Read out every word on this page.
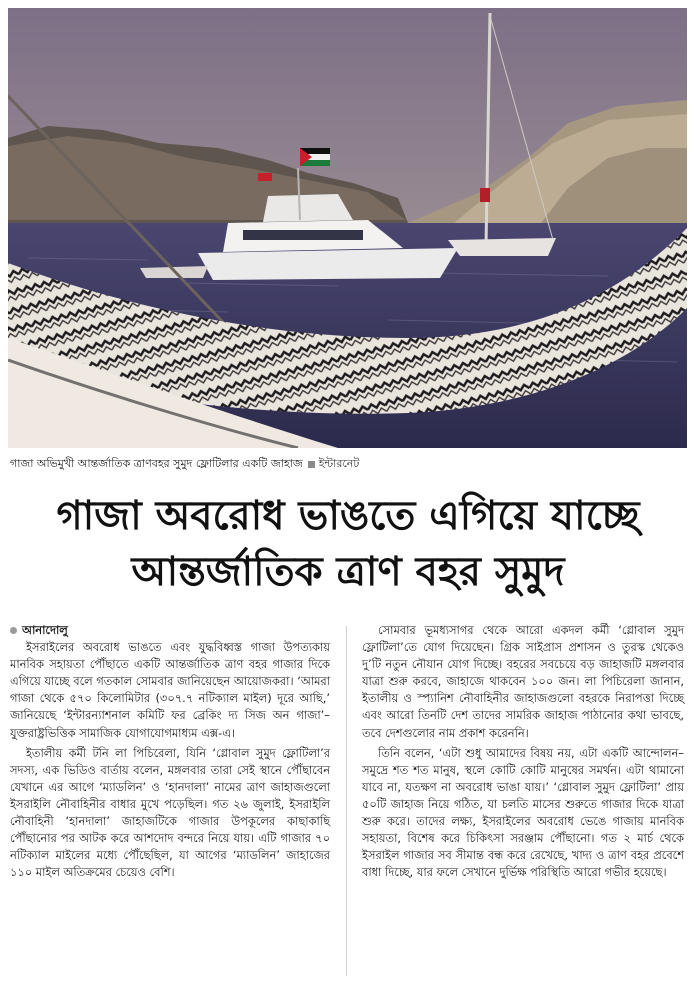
গাজা অভিমুখী আন্তর্জাতিক ত্রাণবহর সুমুদ ফ্লোটিলার একটি জাহাজ ইন্টারনেট
গাজা অবরোধ ভাঙতে এগিয়ে যাচ্ছে
আন্তর্জাতিক ত্রাণ বহর সুমুদ
আনাদোলু

ইসরাইলের অবরোধ ভাঙতে এবং যুদ্ধবিধ্বস্ত গাজা উপত্যকায় মানবিক সহায়তা পৌঁছাতে একটি আন্তর্জাতিক ত্রাণ বহর গাজার দিকে এগিয়ে যাচ্ছে বলে গতকাল সোমবার জানিয়েছেন আয়োজকরা। ‘আমরা গাজা থেকে ৫৭০ কিলোমিটার (৩০৭.৭ নটিক্যাল মাইল) দূরে আছি,’ জানিয়েছে ‘ইন্টারন্যাশনাল কমিটি ফর ব্রেকিং দ্য সিজ অন গাজা’– যুক্তরাষ্ট্রভিত্তিক সামাজিক যোগাযোগমাধ্যম এক্স-এ।

ইতালীয় কর্মী টনি লা পিচিরেলা, যিনি ‘গ্লোবাল সুমুদ ফ্লোটিলা’র সদস্য, এক ভিডিও বার্তায় বলেন, মঙ্গলবার তারা সেই স্থানে পৌঁছাবেন যেখানে এর আগে ‘ম্যাডলিন’ ও ‘হানদালা’ নামের ত্রাণ জাহাজগুলো ইসরাইলি নৌবাহিনীর বাধার মুখে পড়েছিল। গত ২৬ জুলাই, ইসরাইলি নৌবাহিনী ‘হানদালা’ জাহাজটিকে গাজার উপকূলের কাছাকাছি পৌঁছানোর পর আটক করে আশদোদ বন্দরে নিয়ে যায়। এটি গাজার ৭০ নটিক্যাল মাইলের মধ্যে পৌঁছেছিল, যা আগের ‘ম্যাডলিন’ জাহাজের ১১০ মাইল অতিক্রমের চেয়েও বেশি।

সোমবার ভূমধ্যসাগর থেকে আরো একদল কর্মী ‘গ্লোবাল সুমুদ ফ্লোটিলা’তে যোগ দিয়েছেন। গ্রিক সাইপ্রাস প্রশাসন ও তুরস্ক থেকেও দু’টি নতুন নৌযান যোগ দিচ্ছে। বহরের সবচেয়ে বড় জাহাজটি মঙ্গলবার যাত্রা শুরু করবে, জাহাজে থাকবেন ১০০ জন। লা পিচিরেলা জানান, ইতালীয় ও স্প্যানিশ নৌবাহিনীর জাহাজগুলো বহরকে নিরাপত্তা দিচ্ছে এবং আরো তিনটি দেশ তাদের সামরিক জাহাজ পাঠানোর কথা ভাবছে, তবে দেশগুলোর নাম প্রকাশ করেননি।

তিনি বলেন, ‘এটা শুধু আমাদের বিষয় নয়, এটা একটি আন্দোলন– সমুদ্রে শত শত মানুষ, স্থলে কোটি কোটি মানুষের সমর্থন। এটা থামানো যাবে না, যতক্ষণ না অবরোধ ভাঙা যায়।’ ‘গ্লোবাল সুমুদ ফ্লোটিলা’ প্রায় ৫০টি জাহাজ নিয়ে গঠিত, যা চলতি মাসের শুরুতে গাজার দিকে যাত্রা শুরু করে। তাদের লক্ষ্য, ইসরাইলের অবরোধ ভেঙে গাজায় মানবিক সহায়তা, বিশেষ করে চিকিৎসা সরঞ্জাম পৌঁছানো। গত ২ মার্চ থেকে ইসরাইল গাজার সব সীমান্ত বন্ধ করে রেখেছে, খাদ্য ও ত্রাণ বহর প্রবেশে বাধা দিচ্ছে, যার ফলে সেখানে দুর্ভিক্ষ পরিস্থিতি আরো গভীর হয়েছে।
